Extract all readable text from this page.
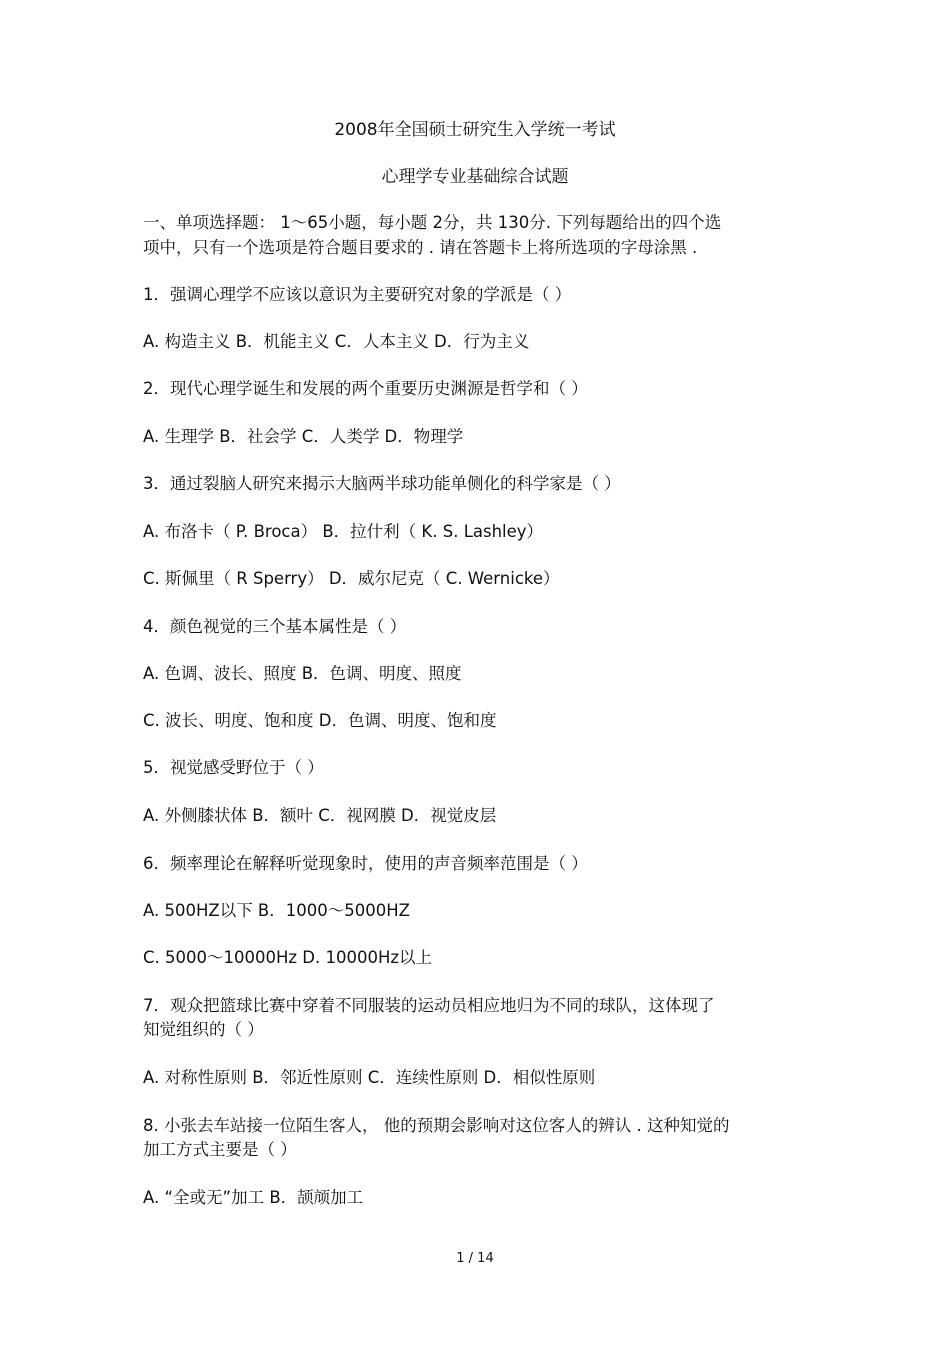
2008年全国硕士研究生入学统一考试
心理学专业基础综合试题
一、单项选择题： 1～65小题，每小题 2分，共 130分. 下列每题给出的四个选
项中，只有一个选项是符合题目要求的 . 请在答题卡上将所选项的字母涂黑 .
1．强调心理学不应该以意识为主要研究对象的学派是（ ）
A. 构造主义 B．机能主义 C．人本主义 D．行为主义
2．现代心理学诞生和发展的两个重要历史渊源是哲学和（ ）
A. 生理学 B．社会学 C．人类学 D．物理学
3．通过裂脑人研究来揭示大脑两半球功能单侧化的科学家是（ ）
A. 布洛卡（ P. Broca） B．拉什利（ K. S. Lashley）
C. 斯佩里（ R Sperry） D．威尔尼克（ C. Wernicke）
4．颜色视觉的三个基本属性是（ ）
A. 色调、波长、照度 B．色调、明度、照度
C. 波长、明度、饱和度 D．色调、明度、饱和度
5．视觉感受野位于（ ）
A. 外侧膝状体 B．额叶 C．视网膜 D．视觉皮层
6．频率理论在解释听觉现象时，使用的声音频率范围是（ ）
A. 500HZ以下 B．1000～5000HZ
C. 5000～10000Hz D. 10000Hz以上
7．观众把篮球比赛中穿着不同服装的运动员相应地归为不同的球队，这体现了
知觉组织的（ ）
A. 对称性原则 B．邻近性原则 C．连续性原则 D．相似性原则
8. 小张去车站接一位陌生客人， 他的预期会影响对这位客人的辨认 . 这种知觉的
加工方式主要是（ ）
A. “全或无”加工 B．颉颃加工
1 / 14
